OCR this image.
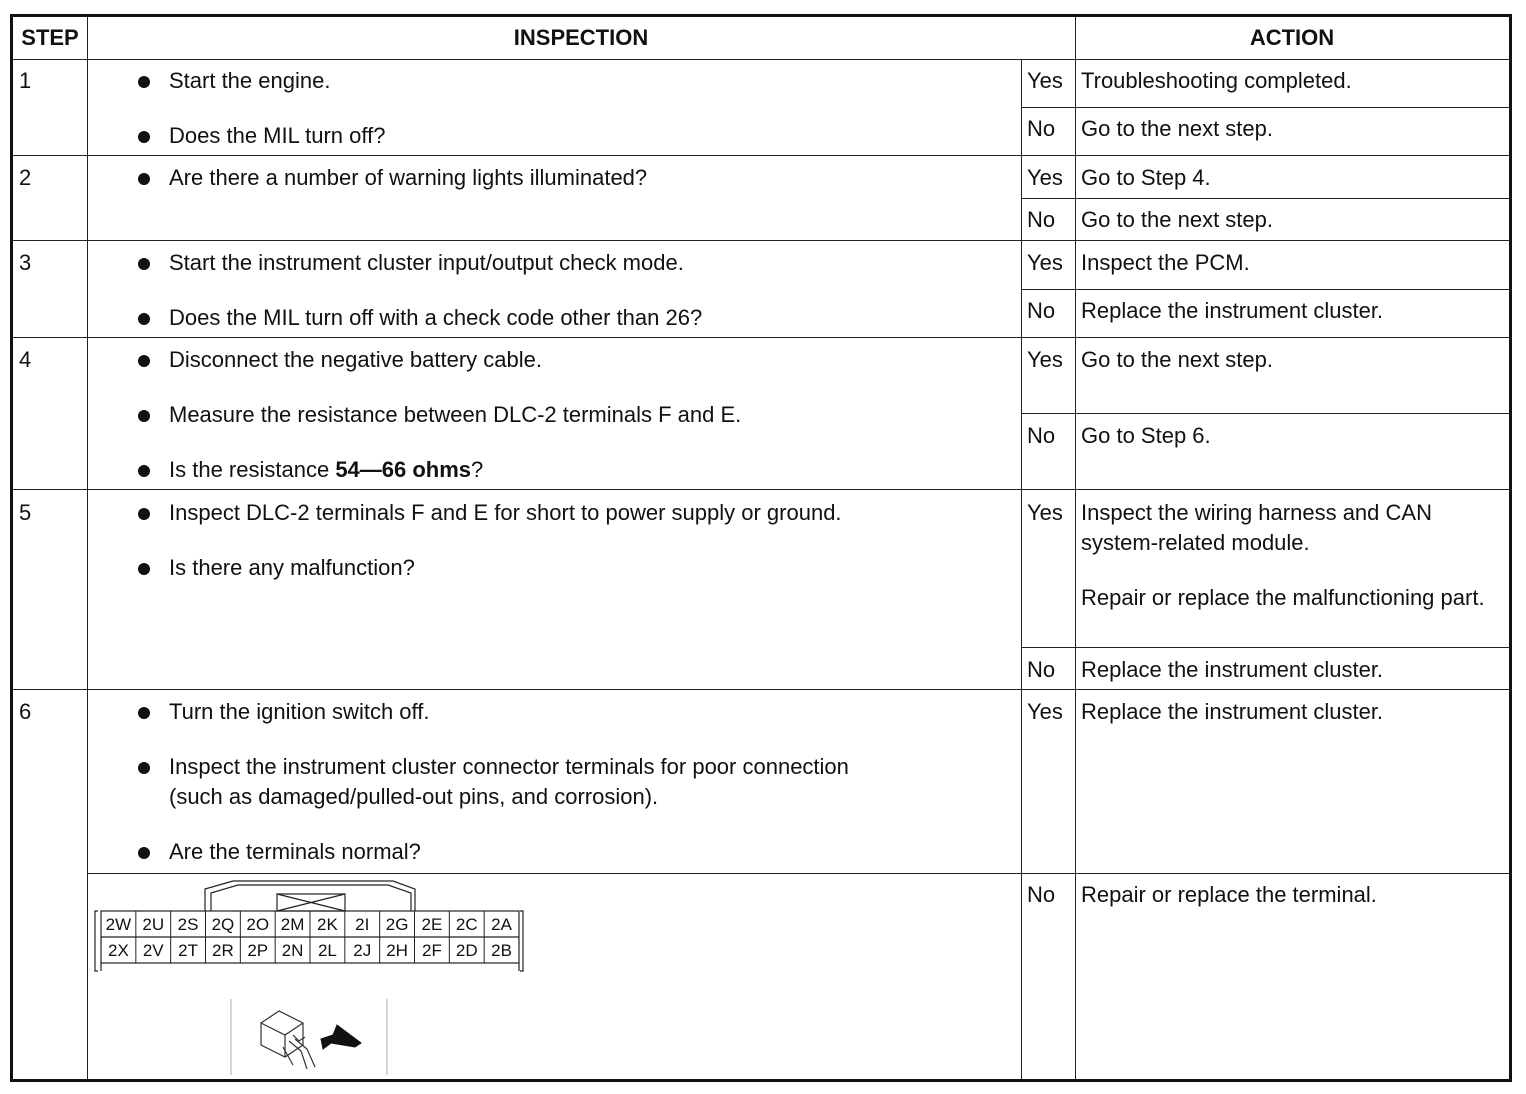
STEP	INSPECTION	ACTION
1	Start the engine.
Does the MIL turn off?
Yes Troubleshooting completed.
No Go to the next step.
2	Are there a number of warning lights illuminated?	Yes Go to Step 4.
No Go to the next step.
3	Start the instrument cluster input/output check mode.
Does the MIL turn off with a check code other than 26?
Yes Inspect the PCM.
No Replace the instrument cluster.
4	Disconnect the negative battery cable.
Measure the resistance between DLC-2 terminals F and E.
Is the resistance 54—66 ohms?
Yes Go to the next step.
No Go to Step 6.
5	Inspect DLC-2 terminals F and E for short to power supply or ground.
Is there any malfunction?
Yes Inspect the wiring harness and CAN system-related module.
Repair or replace the malfunctioning part.
No Replace the instrument cluster.
6	Turn the ignition switch off.
Inspect the instrument cluster connector terminals for poor connection
(such as damaged/pulled-out pins, and corrosion).
Are the terminals normal?
Yes Replace the instrument cluster.
No Repair or replace the terminal.
2W 2U 2S 2Q 2O 2M 2K 2I 2G 2E 2C 2A
2X 2V 2T 2R 2P 2N 2L 2J 2H 2F 2D 2B
